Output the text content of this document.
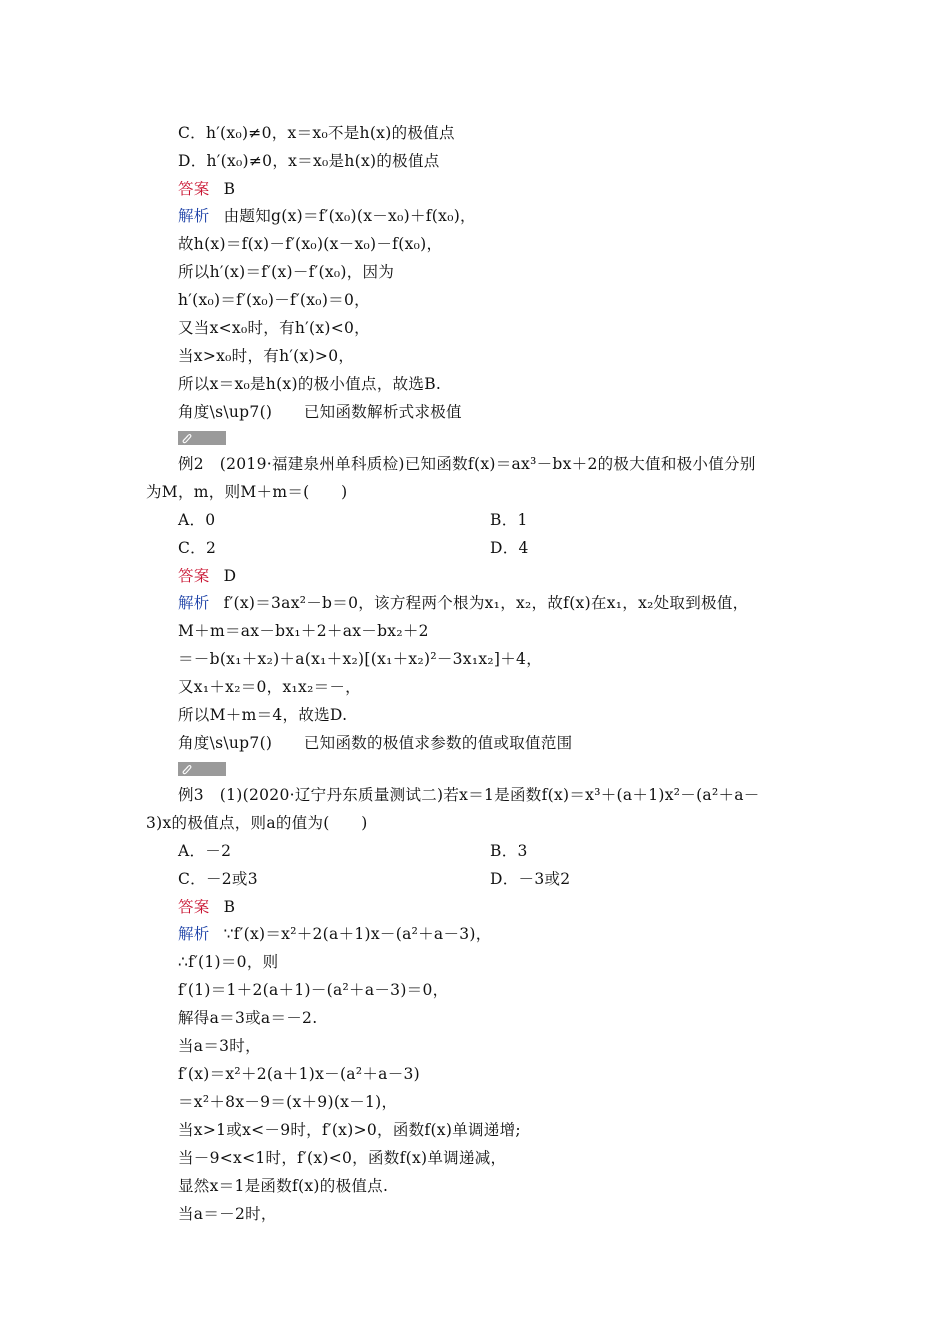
C．h′(x₀)≠0，x＝x₀不是h(x)的极值点
D．h′(x₀)≠0，x＝x₀是h(x)的极值点
答案 B
解析 由题知g(x)＝f′(x₀)(x－x₀)＋f(x₀)，
故h(x)＝f(x)－f′(x₀)(x－x₀)－f(x₀)，
所以h′(x)＝f′(x)－f′(x₀)，因为
h′(x₀)＝f′(x₀)－f′(x₀)＝0，
又当x<x₀时，有h′(x)<0，
当x>x₀时，有h′(x)>0，
所以x＝x₀是h(x)的极小值点，故选B.
角度\s\up7()　　已知函数解析式求极值
例2　(2019·福建泉州单科质检)已知函数f(x)＝ax³－bx＋2的极大值和极小值分别
为M，m，则M＋m＝(　　)
A．0	B．1
C．2	D．4
答案 D
解析 f′(x)＝3ax²－b＝0，该方程两个根为x₁，x₂，故f(x)在x₁，x₂处取到极值，
M＋m＝ax－bx₁＋2＋ax－bx₂＋2
＝－b(x₁＋x₂)＋a(x₁＋x₂)[(x₁＋x₂)²－3x₁x₂]＋4，
又x₁＋x₂＝0，x₁x₂＝－，
所以M＋m＝4，故选D.
角度\s\up7()　　已知函数的极值求参数的值或取值范围
例3　(1)(2020·辽宁丹东质量测试二)若x＝1是函数f(x)＝x³＋(a＋1)x²－(a²＋a－
3)x的极值点，则a的值为(　　)
A．－2	B．3
C．－2或3	D．－3或2
答案 B
解析 ∵f′(x)＝x²＋2(a＋1)x－(a²＋a－3)，
∴f′(1)＝0，则
f′(1)＝1＋2(a＋1)－(a²＋a－3)＝0，
解得a＝3或a＝－2.
当a＝3时，
f′(x)＝x²＋2(a＋1)x－(a²＋a－3)
＝x²＋8x－9＝(x＋9)(x－1)，
当x>1或x<－9时，f′(x)>0，函数f(x)单调递增;
当－9<x<1时，f′(x)<0，函数f(x)单调递减，
显然x＝1是函数f(x)的极值点.
当a＝－2时，
